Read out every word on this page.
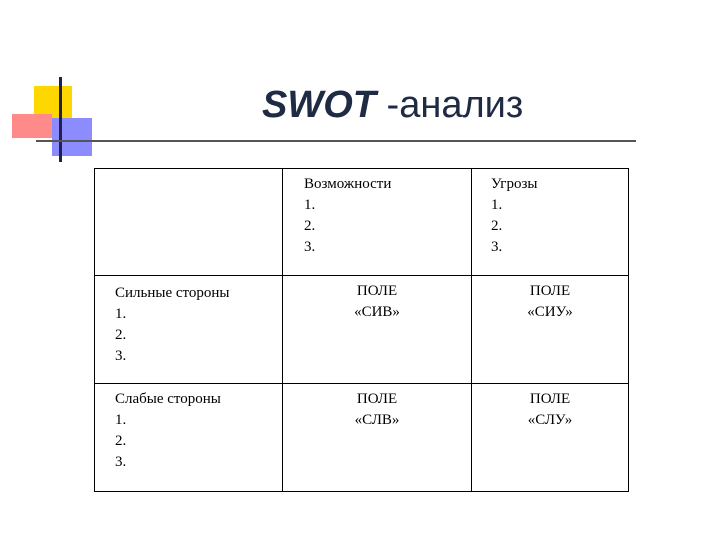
SWOT -анализ
Возможности
1.
2.
3.
Угрозы
1.
2.
3.
Сильные стороны
1.
2.
3.
ПОЛЕ
«СИВ»
ПОЛЕ
«СИУ»
Слабые стороны
1.
2.
3.
ПОЛЕ
«СЛВ»
ПОЛЕ
«СЛУ»
